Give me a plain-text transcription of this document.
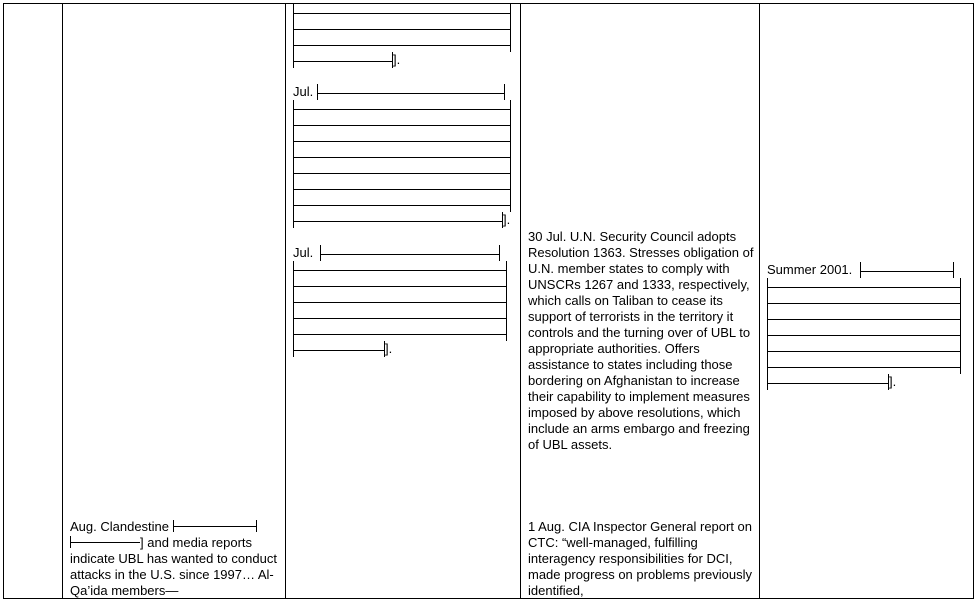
].
Jul.
].
Jul.
].

30 Jul. U.N. Security Council adopts Resolution 1363. Stresses obligation of U.N. member states to comply with UNSCRs 1267 and 1333, respectively, which calls on Taliban to cease its support of terrorists in the territory it controls and the turning over of UBL to appropriate authorities. Offers assistance to states including those bordering on Afghanistan to increase their capability to implement measures imposed by above resolutions, which include an arms embargo and freezing of UBL assets.

1 Aug. CIA Inspector General report on CTC: “well-managed, fulfilling interagency responsibilities for DCI, made progress on problems previously identified,

Summer 2001.
].
Aug. Clandestine
] and media reports indicate UBL has wanted to conduct attacks in the U.S. since 1997… Al-Qa’ida members—
